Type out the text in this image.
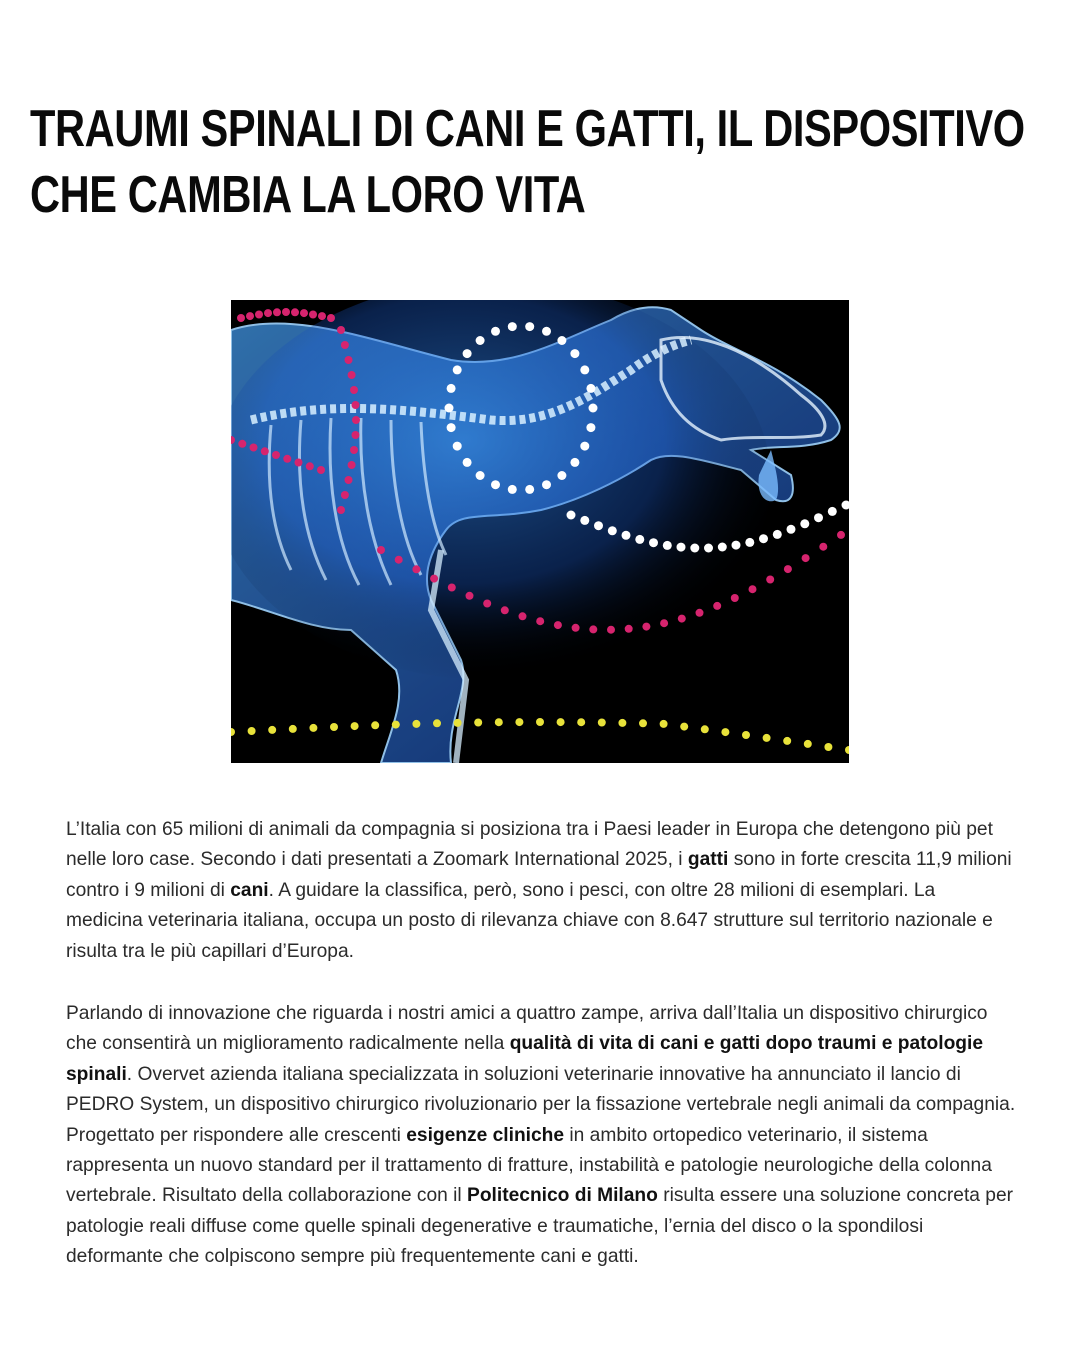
TRAUMI SPINALI DI CANI E GATTI, IL DISPOSITIVO CHE CAMBIA LA LORO VITA

L’Italia con 65 milioni di animali da compagnia si posiziona tra i Paesi leader in Europa che detengono più pet nelle loro case. Secondo i dati presentati a Zoomark International 2025, i gatti sono in forte crescita 11,9 milioni contro i 9 milioni di cani. A guidare la classifica, però, sono i pesci, con oltre 28 milioni di esemplari. La medicina veterinaria italiana, occupa un posto di rilevanza chiave con 8.647 strutture sul territorio nazionale e risulta tra le più capillari d’Europa.

Parlando di innovazione che riguarda i nostri amici a quattro zampe, arriva dall’Italia un dispositivo chirurgico che consentirà un miglioramento radicalmente nella qualità di vita di cani e gatti dopo traumi e patologie spinali. Overvet azienda italiana specializzata in soluzioni veterinarie innovative ha annunciato il lancio di PEDRO System, un dispositivo chirurgico rivoluzionario per la fissazione vertebrale negli animali da compagnia. Progettato per rispondere alle crescenti esigenze cliniche in ambito ortopedico veterinario, il sistema rappresenta un nuovo standard per il trattamento di fratture, instabilità e patologie neurologiche della colonna vertebrale. Risultato della collaborazione con il Politecnico di Milano risulta essere una soluzione concreta per patologie reali diffuse come quelle spinali degenerative e traumatiche, l’ernia del disco o la spondilosi deformante che colpiscono sempre più frequentemente cani e gatti.
